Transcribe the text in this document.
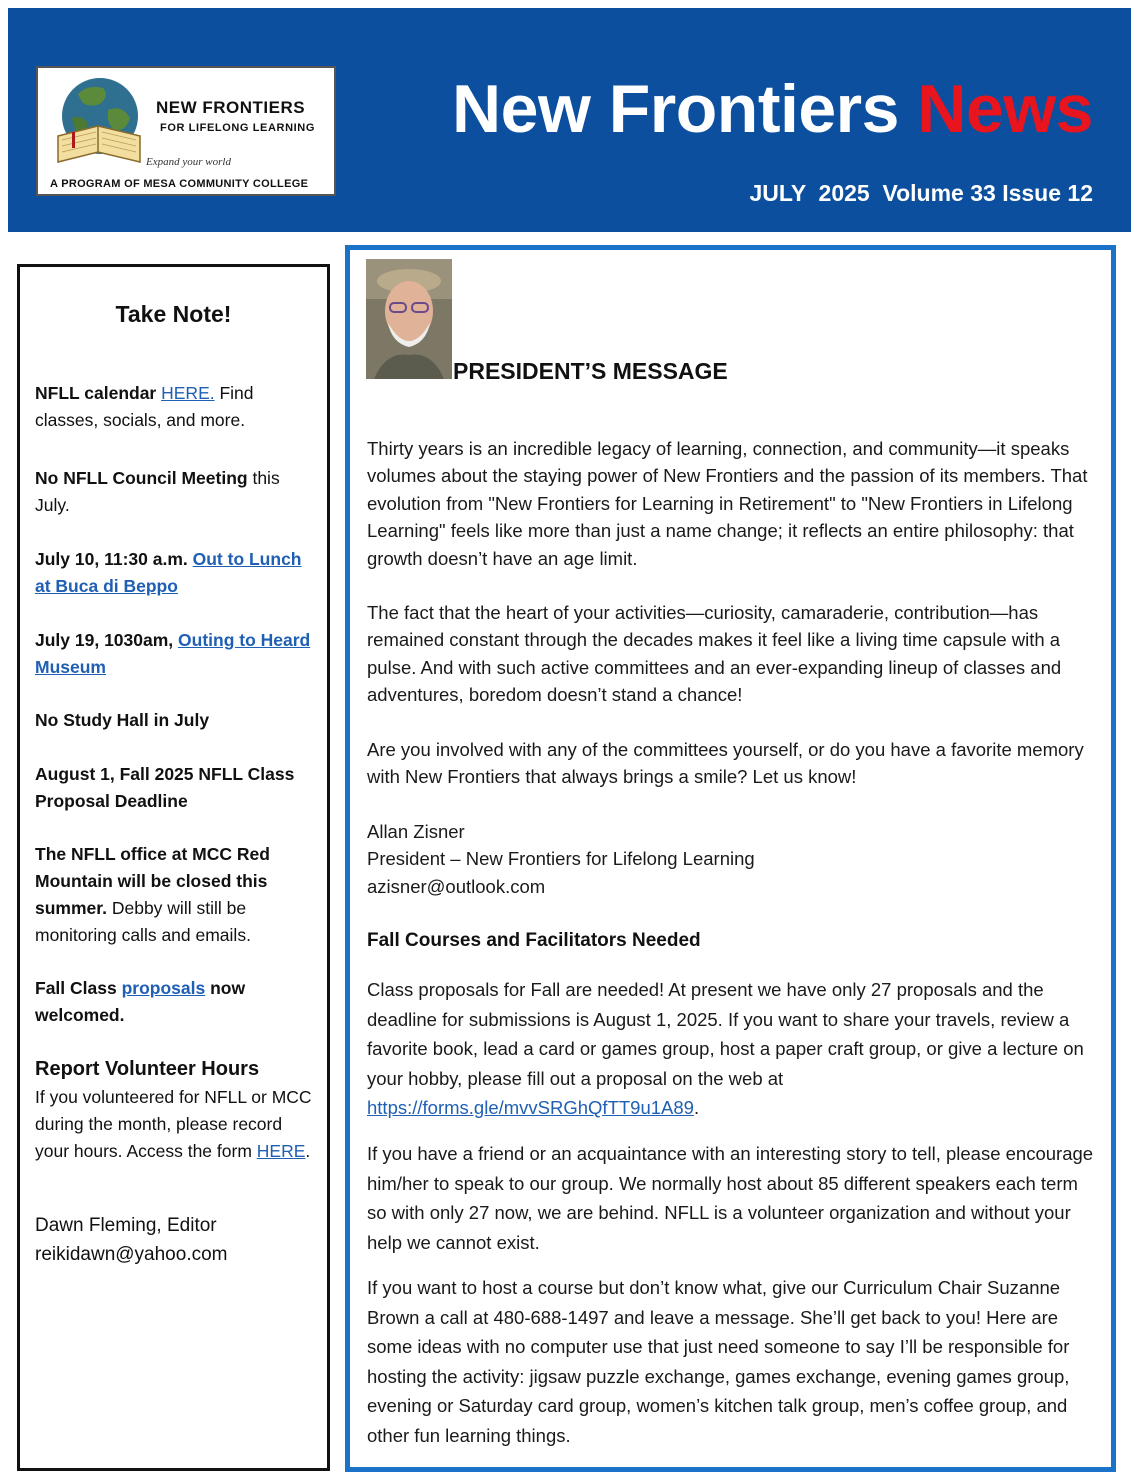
NEW FRONTIERS
FOR LIFELONG LEARNING
Expand your world
A PROGRAM OF MESA COMMUNITY COLLEGE
New Frontiers News
JULY  2025  Volume 33 Issue 12
Take Note!
NFLL calendar HERE. Find classes, socials, and more.
No NFLL Council Meeting this July.
July 10, 11:30 a.m. Out to Lunch at Buca di Beppo
July 19, 1030am, Outing to Heard Museum
No Study Hall in July
August 1, Fall 2025 NFLL Class Proposal Deadline
The NFLL office at MCC Red Mountain will be closed this summer. Debby will still be monitoring calls and emails.
Fall Class proposals now welcomed.
Report Volunteer Hours
If you volunteered for NFLL or MCC during the month, please record your hours. Access the form HERE.
Dawn Fleming, Editor
reikidawn@yahoo.com
PRESIDENT’S MESSAGE
Thirty years is an incredible legacy of learning, connection, and community—it speaks volumes about the staying power of New Frontiers and the passion of its members. That evolution from "New Frontiers for Learning in Retirement" to "New Frontiers in Lifelong Learning" feels like more than just a name change; it reflects an entire philosophy: that growth doesn’t have an age limit.
The fact that the heart of your activities—curiosity, camaraderie, contribution—has remained constant through the decades makes it feel like a living time capsule with a pulse. And with such active committees and an ever-expanding lineup of classes and adventures, boredom doesn’t stand a chance!
Are you involved with any of the committees yourself, or do you have a favorite memory with New Frontiers that always brings a smile? Let us know!
Allan Zisner
President – New Frontiers for Lifelong Learning
azisner@outlook.com
Fall Courses and Facilitators Needed
Class proposals for Fall are needed! At present we have only 27 proposals and the deadline for submissions is August 1, 2025. If you want to share your travels, review a favorite book, lead a card or games group, host a paper craft group, or give a lecture on your hobby, please fill out a proposal on the web at https://forms.gle/mvvSRGhQfTT9u1A89.
If you have a friend or an acquaintance with an interesting story to tell, please encourage him/her to speak to our group. We normally host about 85 different speakers each term so with only 27 now, we are behind. NFLL is a volunteer organization and without your help we cannot exist.
If you want to host a course but don’t know what, give our Curriculum Chair Suzanne Brown a call at 480-688-1497 and leave a message. She’ll get back to you! Here are some ideas with no computer use that just need someone to say I’ll be responsible for hosting the activity: jigsaw puzzle exchange, games exchange, evening games group, evening or Saturday card group, women’s kitchen talk group, men’s coffee group, and other fun learning things.
